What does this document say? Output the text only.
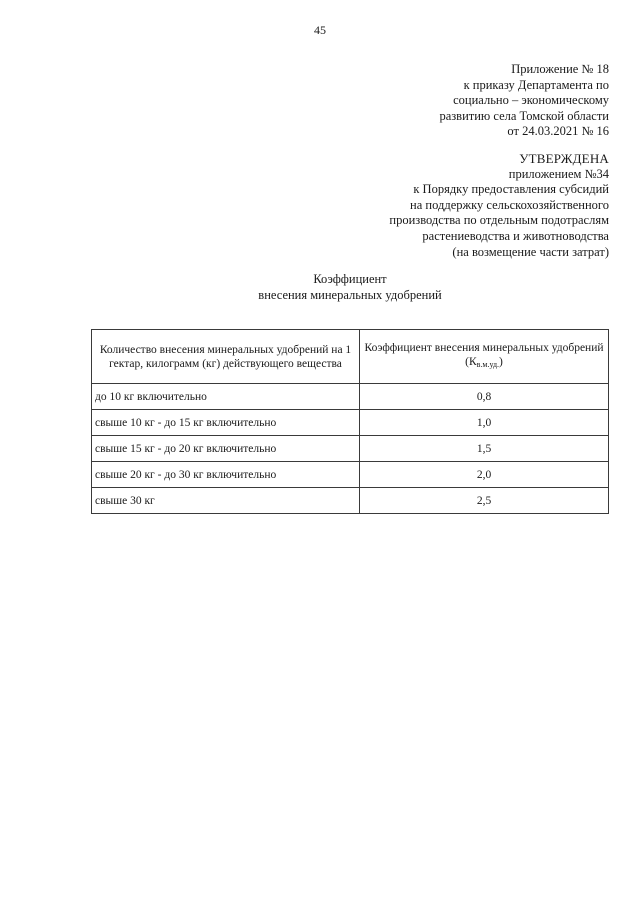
45
Приложение № 18
к приказу Департамента по
социально – экономическому
развитию села Томской области
от 24.03.2021 № 16
УТВЕРЖДЕНА
приложением №34
к Порядку предоставления субсидий
на поддержку сельскохозяйственного
производства по отдельным подотраслям
растениеводства и животноводства
(на возмещение части затрат)
Коэффициент
внесения минеральных удобрений
Количество внесения минеральных удобрений на 1 гектар, килограмм (кг) действующего вещества	Коэффициент внесения минеральных удобрений $(К_{в.м.уд.})$
до 10 кг включительно	0,8
свыше 10 кг - до 15 кг включительно	1,0
свыше 15 кг - до 20 кг включительно	1,5
свыше 20 кг - до 30 кг включительно	2,0
свыше 30 кг	2,5
